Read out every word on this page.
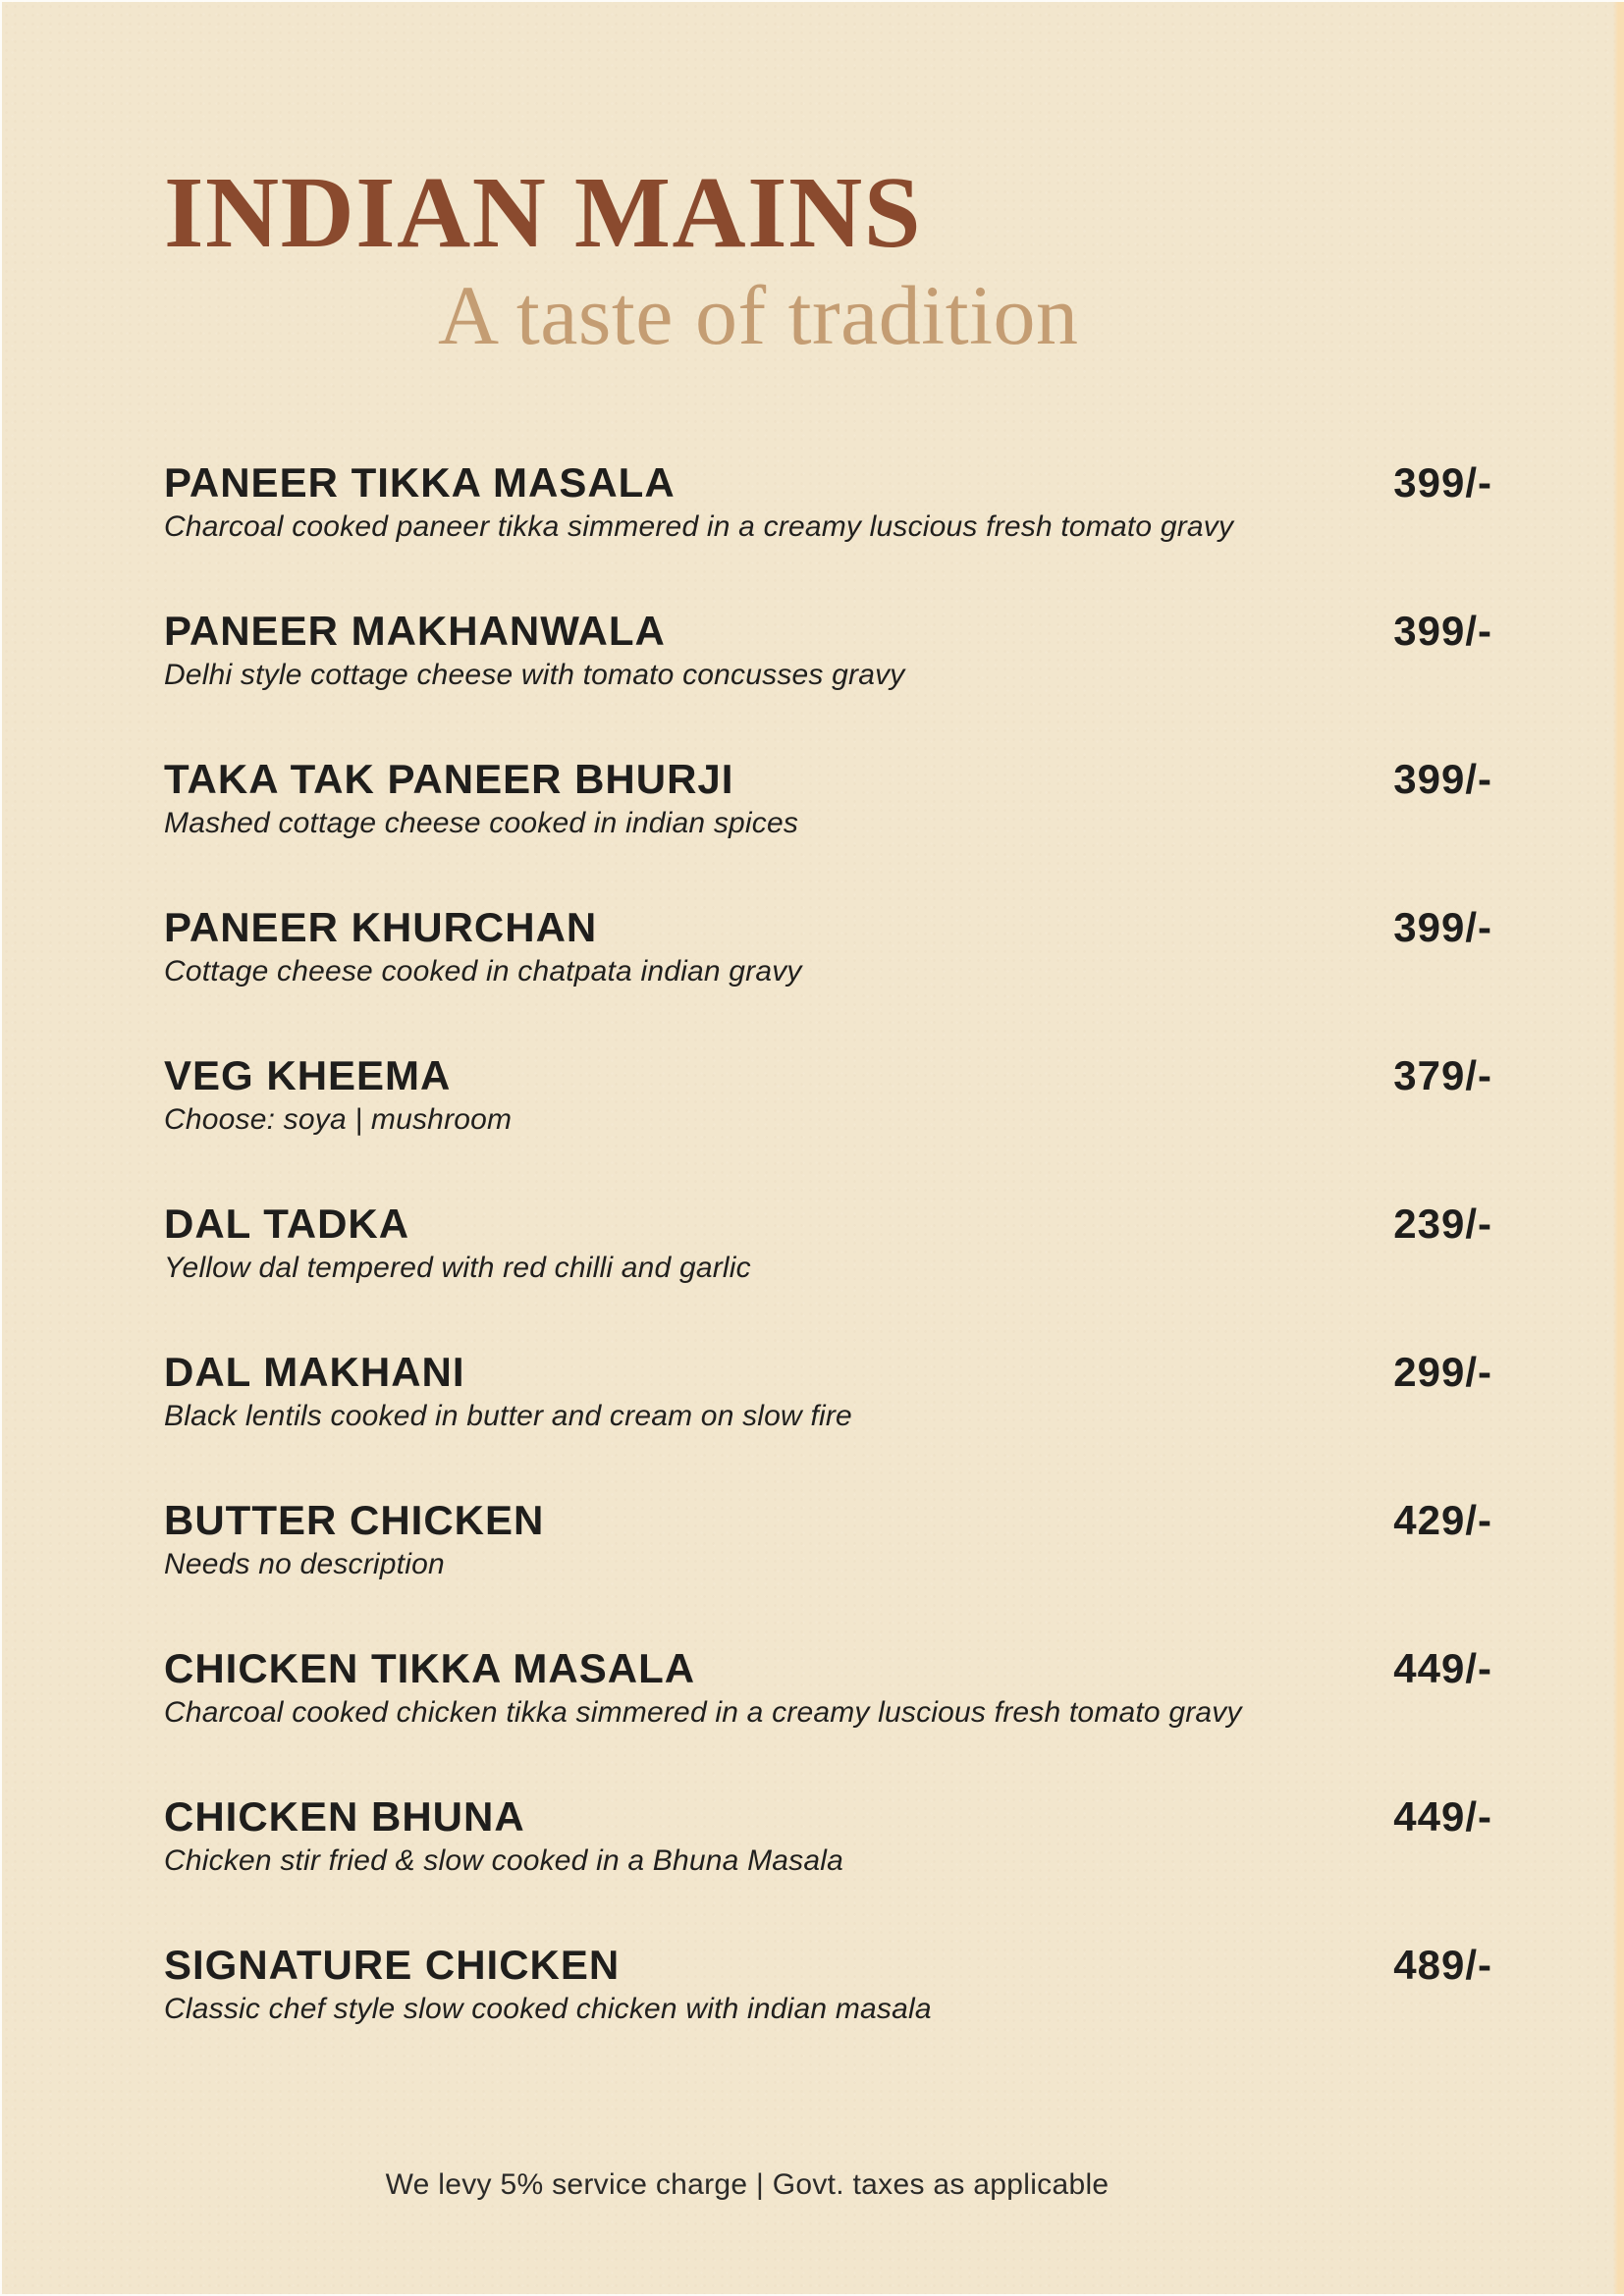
INDIAN MAINS
A taste of tradition
PANEER TIKKA MASALA	399/-
Charcoal cooked paneer tikka simmered in a creamy luscious fresh tomato gravy
PANEER MAKHANWALA	399/-
Delhi style cottage cheese with tomato concusses gravy
TAKA TAK PANEER BHURJI	399/-
Mashed cottage cheese cooked in indian spices
PANEER KHURCHAN	399/-
Cottage cheese cooked in chatpata indian gravy
VEG KHEEMA	379/-
Choose: soya | mushroom
DAL TADKA	239/-
Yellow dal tempered with red chilli and garlic
DAL MAKHANI	299/-
Black lentils cooked in butter and cream on slow fire
BUTTER CHICKEN	429/-
Needs no description
CHICKEN TIKKA MASALA	449/-
Charcoal cooked chicken tikka simmered in a creamy luscious fresh tomato gravy
CHICKEN BHUNA	449/-
Chicken stir fried & slow cooked in a Bhuna Masala
SIGNATURE CHICKEN	489/-
Classic chef style slow cooked chicken with indian masala
We levy 5% service charge | Govt. taxes as applicable
